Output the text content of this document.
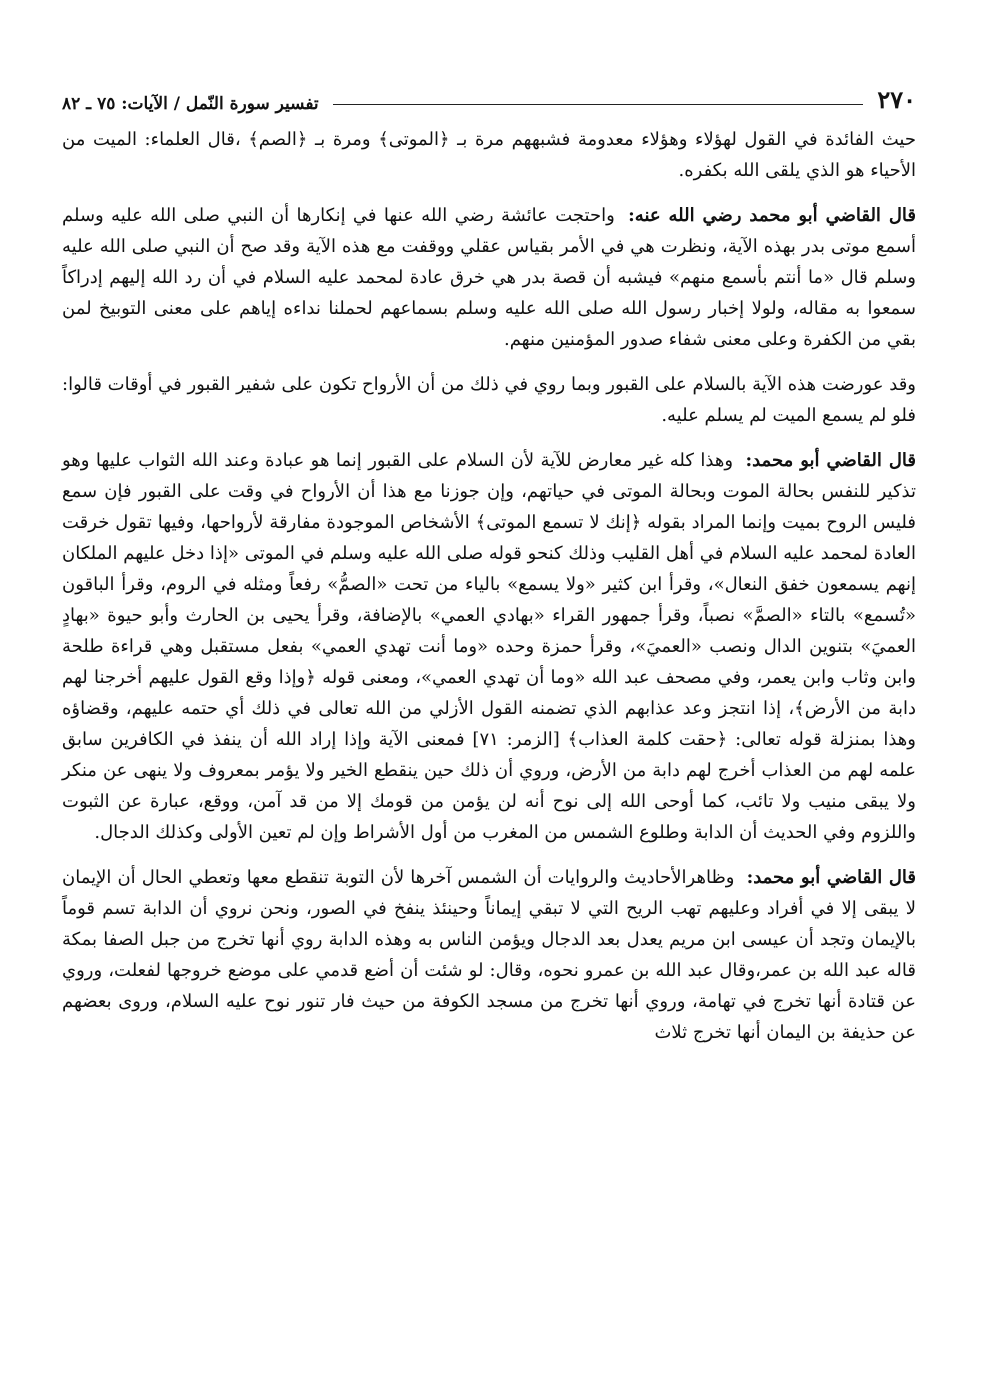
٢٧٠
تفسير سورة النّمل / الآيات: ٧٥ ـ ٨٢

حيث الفائدة في القول لهؤلاء وهؤلاء معدومة فشبههم مرة بـ ﴿الموتى﴾ ومرة بـ ﴿الصم﴾ ،قال العلماء: الميت من الأحياء هو الذي يلقى الله بكفره.

قال القاضي أبو محمد رضي الله عنه: واحتجت عائشة رضي الله عنها في إنكارها أن النبي صلى الله عليه وسلم أسمع موتى بدر بهذه الآية، ونظرت هي في الأمر بقياس عقلي ووقفت مع هذه الآية وقد صح أن النبي صلى الله عليه وسلم قال «ما أنتم بأسمع منهم» فيشبه أن قصة بدر هي خرق عادة لمحمد عليه السلام في أن رد الله إليهم إدراكاً سمعوا به مقاله، ولولا إخبار رسول الله صلى الله عليه وسلم بسماعهم لحملنا نداءه إياهم على معنى التوبيخ لمن بقي من الكفرة وعلى معنى شفاء صدور المؤمنين منهم.

وقد عورضت هذه الآية بالسلام على القبور وبما روي في ذلك من أن الأرواح تكون على شفير القبور في أوقات قالوا: فلو لم يسمع الميت لم يسلم عليه.

قال القاضي أبو محمد: وهذا كله غير معارض للآية لأن السلام على القبور إنما هو عبادة وعند الله الثواب عليها وهو تذكير للنفس بحالة الموت وبحالة الموتى في حياتهم، وإن جوزنا مع هذا أن الأرواح في وقت على القبور فإن سمع فليس الروح بميت وإنما المراد بقوله ﴿إنك لا تسمع الموتى﴾ الأشخاص الموجودة مفارقة لأرواحها، وفيها تقول خرقت العادة لمحمد عليه السلام في أهل القليب وذلك كنحو قوله صلى الله عليه وسلم في الموتى «إذا دخل عليهم الملكان إنهم يسمعون خفق النعال»، وقرأ ابن كثير «ولا يسمع» بالياء من تحت «الصمُّ» رفعاً ومثله في الروم، وقرأ الباقون «تُسمع» بالتاء «الصمَّ» نصباً، وقرأ جمهور القراء «بهادي العمي» بالإضافة، وقرأ يحيى بن الحارث وأبو حيوة «بهادٍ العميَ» بتنوين الدال ونصب «العميَ»، وقرأ حمزة وحده «وما أنت تهدي العمي» بفعل مستقبل وهي قراءة طلحة وابن وثاب وابن يعمر، وفي مصحف عبد الله «وما أن تهدي العمي»، ومعنى قوله ﴿وإذا وقع القول عليهم أخرجنا لهم دابة من الأرض﴾، إذا انتجز وعد عذابهم الذي تضمنه القول الأزلي من الله تعالى في ذلك أي حتمه عليهم، وقضاؤه وهذا بمنزلة قوله تعالى: ﴿حقت كلمة العذاب﴾ [الزمر: ٧١] فمعنى الآية وإذا إراد الله أن ينفذ في الكافرين سابق علمه لهم من العذاب أخرج لهم دابة من الأرض، وروي أن ذلك حين ينقطع الخير ولا يؤمر بمعروف ولا ينهى عن منكر ولا يبقى منيب ولا تائب، كما أوحى الله إلى نوح أنه لن يؤمن من قومك إلا من قد آمن، ووقع، عبارة عن الثبوت واللزوم وفي الحديث أن الدابة وطلوع الشمس من المغرب من أول الأشراط وإن لم تعين الأولى وكذلك الدجال.

قال القاضي أبو محمد: وظاهرالأحاديث والروايات أن الشمس آخرها لأن التوبة تنقطع معها وتعطي الحال أن الإيمان لا يبقى إلا في أفراد وعليهم تهب الريح التي لا تبقي إيماناً وحينئذ ينفخ في الصور، ونحن نروي أن الدابة تسم قوماً بالإيمان وتجد أن عيسى ابن مريم يعدل بعد الدجال ويؤمن الناس به وهذه الدابة روي أنها تخرج من جبل الصفا بمكة قاله عبد الله بن عمر،وقال عبد الله بن عمرو نحوه، وقال: لو شئت أن أضع قدمي على موضع خروجها لفعلت، وروي عن قتادة أنها تخرج في تهامة، وروي أنها تخرج من مسجد الكوفة من حيث فار تنور نوح عليه السلام، وروى بعضهم عن حذيفة بن اليمان أنها تخرج ثلاث
